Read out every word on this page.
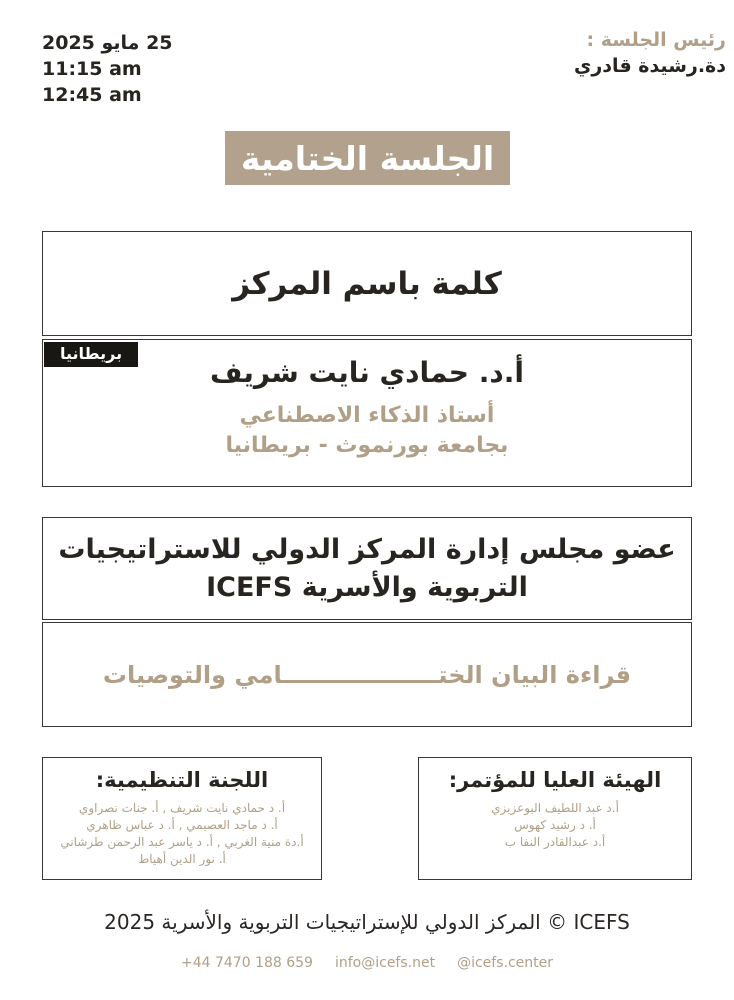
25 مايو 2025
11:15 am
12:45 am
رئيس الجلسة :
دة.رشيدة قادري
الجلسة الختامية
كلمة باسم المركز
بريطانيا
أ.د. حمادي نايت شريف
أستاذ الذكاء الاصطناعي
بجامعة بورنموث - بريطانيا
عضو مجلس إدارة المركز الدولي للاستراتيجيات
التربوية والأسرية ICEFS
قراءة البيان الختـــــــــــــــــــامي والتوصيات
اللجنة التنظيمية:
أ. د حمادي نايت شريف , أ. جنات نصراوي
أ. د ماجد العصيمي , أ. د عباس ظاهري
أ.دة منية الغربي , أ. د ياسر عبد الرحمن طرشاني
أ. نور الدين أهياط
الهيئة العليا للمؤتمر:
أ.د عبد اللطيف البوعزيزي
أ. د رشيد كهوس
أ.د عبدالقادر النفا ب
ICEFS © المركز الدولي للإستراتيجيات التربوية والأسرية 2025
+44 7470 188 659 info@icefs.net @icefs.center
